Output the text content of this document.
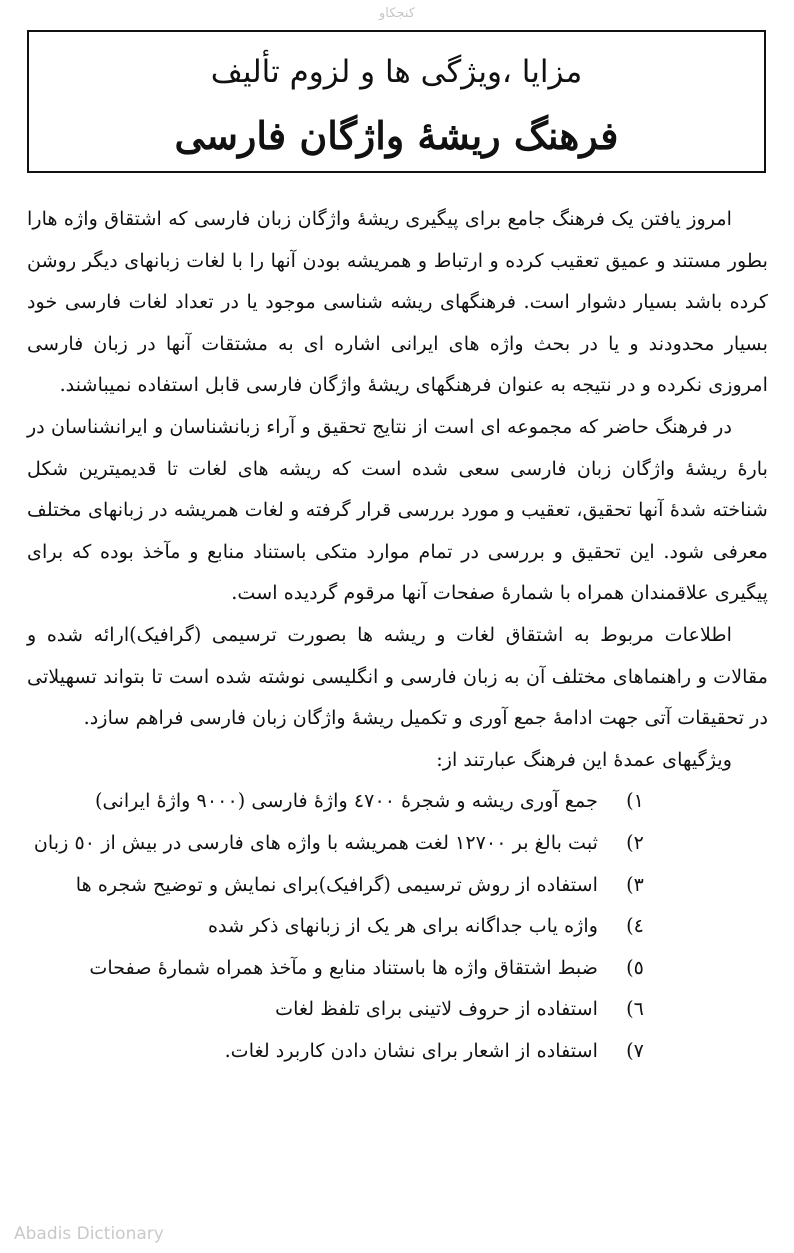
کنجکاو
مزایا ،ویژگی ها و لزوم تألیف
فرهنگ ریشهٔ واژگان فارسی

امروز یافتن یک فرهنگ جامع برای پیگیری ریشهٔ واژگان زبان فارسی که اشتقاق واژه هارا بطور مستند و عمیق تعقیب کرده و ارتباط و همریشه بودن آنها را با لغات زبانهای دیگر روشن کرده باشد بسیار دشوار است. فرهنگهای ریشه شناسی موجود یا در تعداد لغات فارسی خود بسیار محدودند و یا در بحث واژه های ایرانی اشاره ای به مشتقات آنها در زبان فارسی امروزی نکرده و در نتیجه به عنوان فرهنگهای ریشهٔ واژگان فارسی قابل استفاده نمیباشند.

در فرهنگ حاضر که مجموعه ای است از نتایج تحقیق و آراء زبانشناسان و ایرانشناسان در بارهٔ ریشهٔ واژگان زبان فارسی سعی شده است که ریشه های لغات تا قدیمیترین شکل شناخته شدهٔ آنها تحقیق، تعقیب و مورد بررسی قرار گرفته و لغات همریشه در زبانهای مختلف معرفی شود. این تحقیق و بررسی در تمام موارد متکی باستناد منابع و مآخذ بوده که برای پیگیری علاقمندان همراه با شمارهٔ صفحات آنها مرقوم گردیده است.

اطلاعات مربوط به اشتقاق لغات و ریشه ها بصورت ترسیمی (گرافیک)ارائه شده و مقالات و راهنماهای مختلف آن به زبان فارسی و انگلیسی نوشته شده است تا بتواند تسهیلاتی در تحقیقات آتی جهت ادامهٔ جمع آوری و تکمیل ریشهٔ واژگان زبان فارسی فراهم سازد.

ویژگیهای عمدهٔ این فرهنگ عبارتند از:

۱)
جمع آوری ریشه و شجرهٔ ٤٧٠٠ واژهٔ فارسی (٩٠٠٠ واژهٔ ایرانی)
۲)
ثبت بالغ بر ١٢٧٠٠ لغت همریشه با واژه های فارسی در بیش از ٥٠ زبان
۳)
استفاده از روش ترسیمی (گرافیک)برای نمایش و توضیح شجره ها
٤)
واژه یاب جداگانه برای هر یک از زبانهای ذکر شده
٥)
ضبط اشتقاق واژه ها باستناد منابع و مآخذ همراه شمارهٔ صفحات
٦)
استفاده از حروف لاتینی برای تلفظ لغات
٧)
استفاده از اشعار برای نشان دادن کاربرد لغات.
Abadis Dictionary
